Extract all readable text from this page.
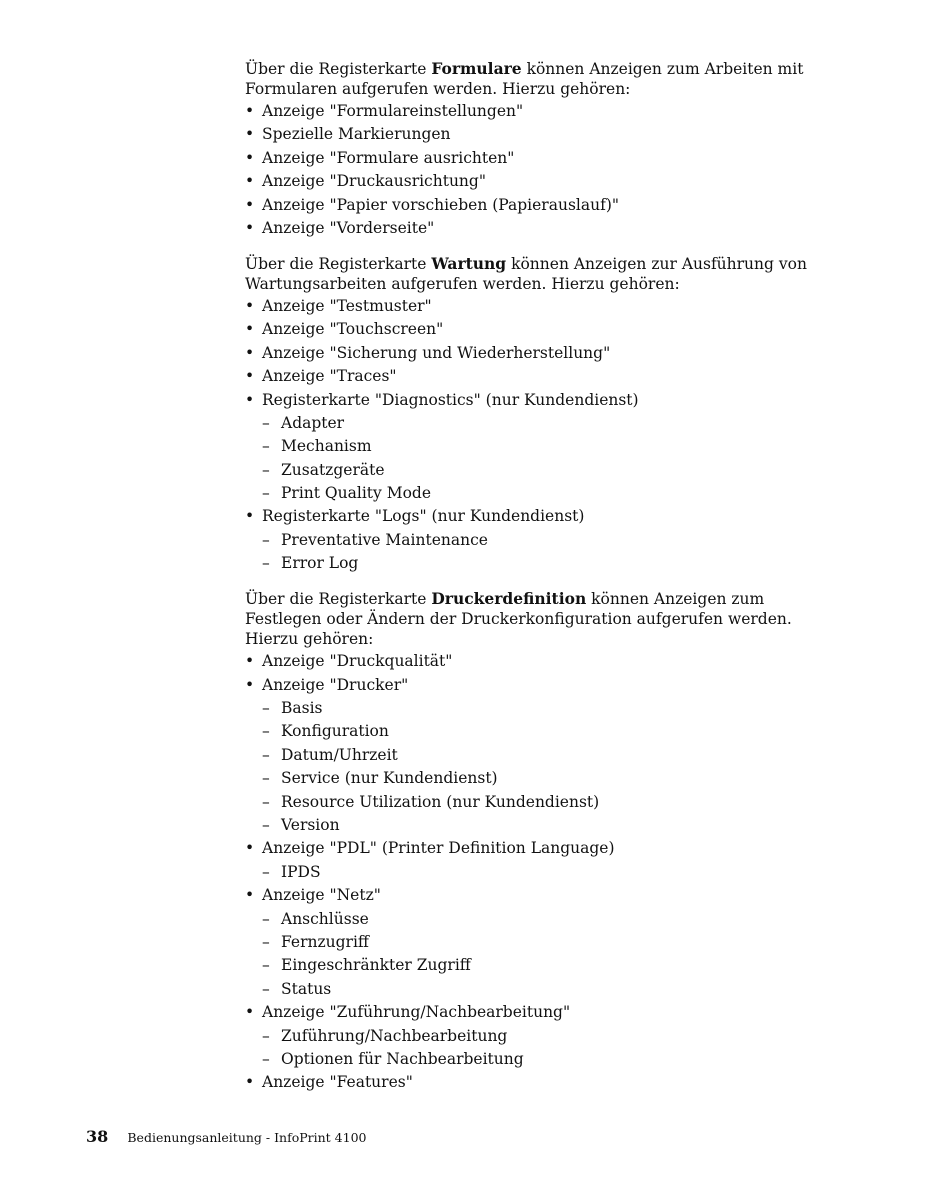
Über die Registerkarte Formulare können Anzeigen zum Arbeiten mit Formularen aufgerufen werden. Hierzu gehören:

• Anzeige "Formulareinstellungen"
• Spezielle Markierungen
• Anzeige "Formulare ausrichten"
• Anzeige "Druckausrichtung"
• Anzeige "Papier vorschieben (Papierauslauf)"
• Anzeige "Vorderseite"

Über die Registerkarte Wartung können Anzeigen zur Ausführung von Wartungsarbeiten aufgerufen werden. Hierzu gehören:

• Anzeige "Testmuster"
• Anzeige "Touchscreen"
• Anzeige "Sicherung und Wiederherstellung"
• Anzeige "Traces"
• Registerkarte "Diagnostics" (nur Kundendienst)
– Adapter
– Mechanism
– Zusatzgeräte
– Print Quality Mode
• Registerkarte "Logs" (nur Kundendienst)
– Preventative Maintenance
– Error Log

Über die Registerkarte Druckerdefinition können Anzeigen zum Festlegen oder Ändern der Druckerkonfiguration aufgerufen werden. Hierzu gehören:

• Anzeige "Druckqualität"
• Anzeige "Drucker"
– Basis
– Konfiguration
– Datum/Uhrzeit
– Service (nur Kundendienst)
– Resource Utilization (nur Kundendienst)
– Version
• Anzeige "PDL" (Printer Definition Language)
– IPDS
• Anzeige "Netz"
– Anschlüsse
– Fernzugriff
– Eingeschränkter Zugriff
– Status
• Anzeige "Zuführung/Nachbearbeitung"
– Zuführung/Nachbearbeitung
– Optionen für Nachbearbeitung
• Anzeige "Features"
38 Bedienungsanleitung - InfoPrint 4100
